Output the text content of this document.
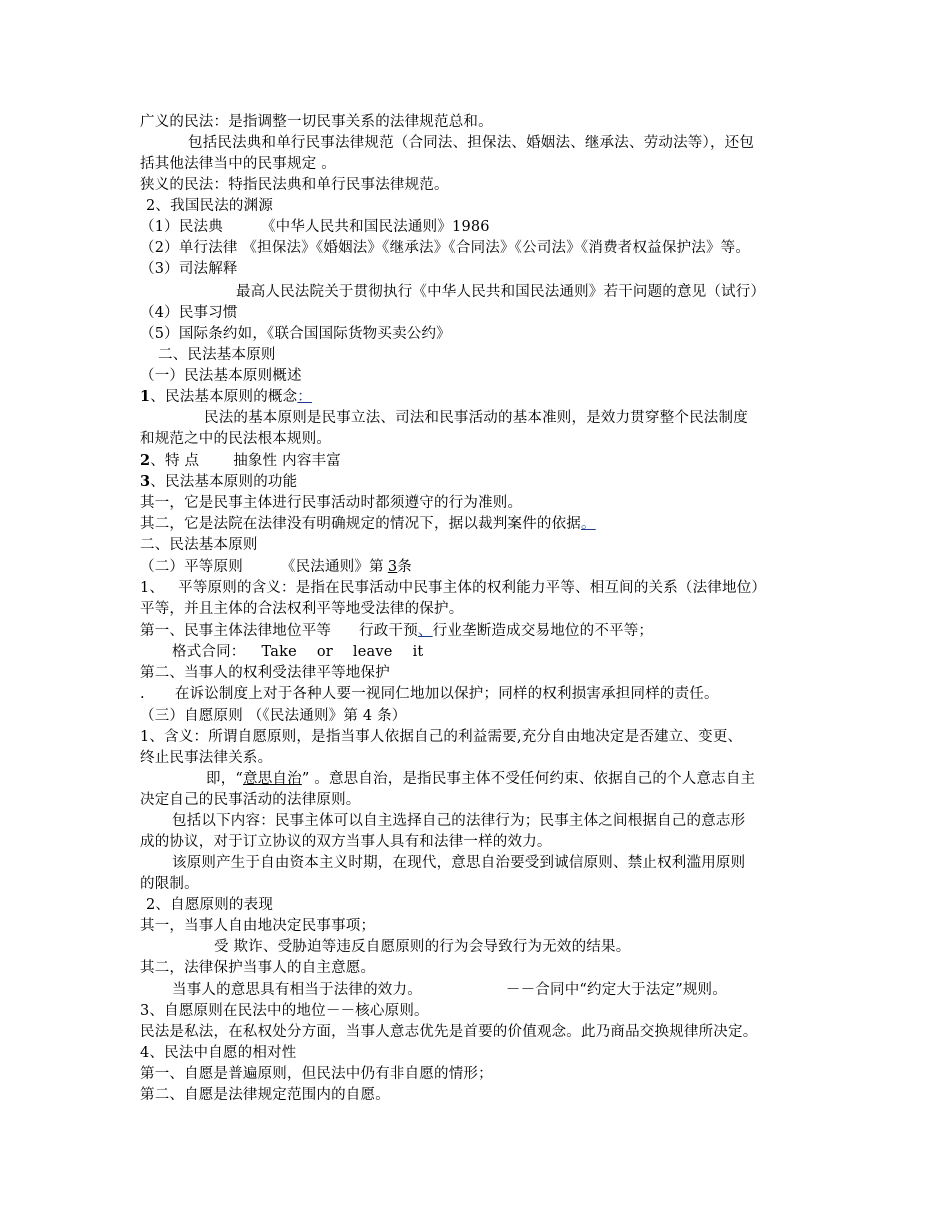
广义的民法：是指调整一切民事关系的法律规范总和。
包括民法典和单行民事法律规范（合同法、担保法、婚姻法、继承法、劳动法等），还包
括其他法律当中的民事规定 。
狭义的民法：特指民法典和单行民事法律规范。
2、我国民法的渊源
（1）民法典	《中华人民共和国民法通则》1986
（2）单行法律 《担保法》《婚姻法》《继承法》《合同法》《公司法》《消费者权益保护法》等。
（3）司法解释
最高人民法院关于贯彻执行《中华人民共和国民法通则》若干问题的意见（试行）
（4）民事习惯
（5）国际条约如，《联合国国际货物买卖公约》
二、民法基本原则
（一）民法基本原则概述
1、民法基本原则的概念：
民法的基本原则是民事立法、司法和民事活动的基本准则，是效力贯穿整个民法制度
和规范之中的民法根本规则。
2、特 点 抽象性 内容丰富
3、民法基本原则的功能
其一，它是民事主体进行民事活动时都须遵守的行为准则。
其二，它是法院在法律没有明确规定的情况下，据以裁判案件的依据。
二、民法基本原则
（二）平等原则	《民法通则》第 3条
1、 平等原则的含义：是指在民事活动中民事主体的权利能力平等、相互间的关系（法律地位）
平等，并且主体的合法权利平等地受法律的保护。
第一、民事主体法律地位平等 行政干预、行业垄断造成交易地位的不平等；
格式合同： Take or leave it
第二、当事人的权利受法律平等地保护
. 在诉讼制度上对于各种人要一视同仁地加以保护；同样的权利损害承担同样的责任。
（三）自愿原则 （《民法通则》第 4 条）
1、含义：所谓自愿原则，是指当事人依据自己的利益需要,充分自由地决定是否建立、变更、
终止民事法律关系。
即，“意思自治” 。意思自治，是指民事主体不受任何约束、依据自己的个人意志自主
决定自己的民事活动的法律原则。
包括以下内容：民事主体可以自主选择自己的法律行为；民事主体之间根据自己的意志形
成的协议，对于订立协议的双方当事人具有和法律一样的效力。
该原则产生于自由资本主义时期，在现代，意思自治要受到诚信原则、禁止权利滥用原则
的限制。
2、自愿原则的表现
其一，当事人自由地决定民事事项；
受 欺诈、受胁迫等违反自愿原则的行为会导致行为无效的结果。
其二，法律保护当事人的自主意愿。
当事人的意思具有相当于法律的效力。	－－合同中“约定大于法定”规则。
3、自愿原则在民法中的地位－－核心原则。
民法是私法，在私权处分方面，当事人意志优先是首要的价值观念。此乃商品交换规律所决定。
4、民法中自愿的相对性
第一、自愿是普遍原则，但民法中仍有非自愿的情形；
第二、自愿是法律规定范围内的自愿。
